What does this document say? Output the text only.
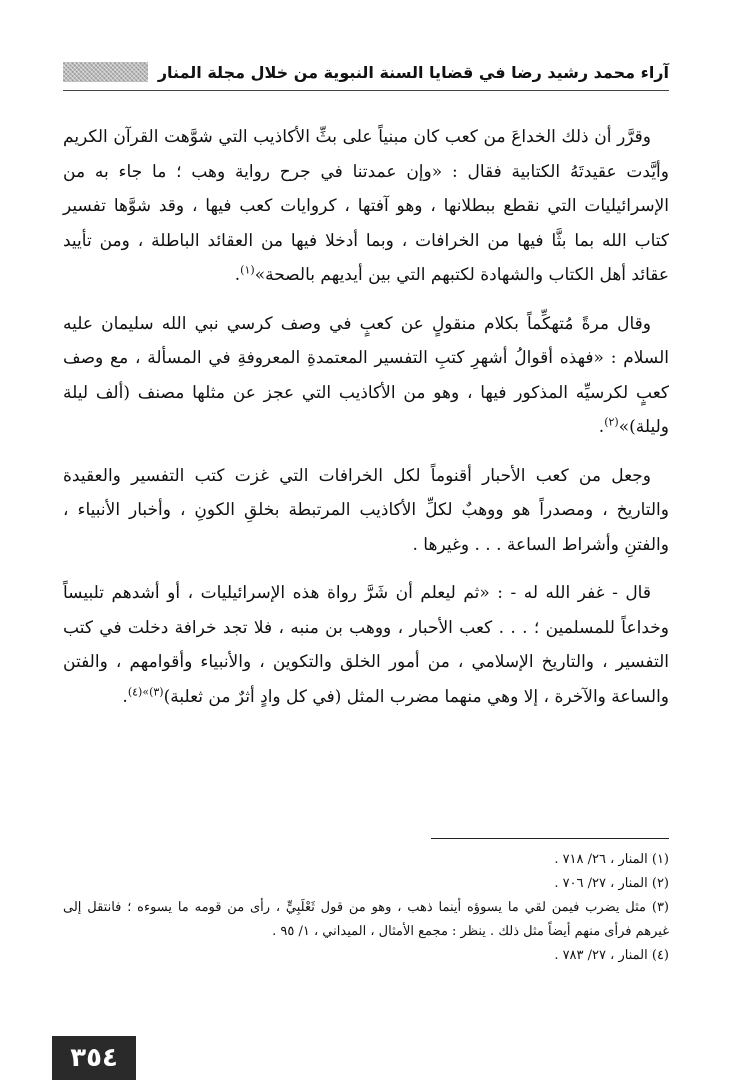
آراء محمد رشيد رضا في قضايا السنة النبوية من خلال مجلة المنار

وقرَّر أن ذلك الخداعَ من كعب كان مبنياً على بثِّ الأكاذيب التي شوَّهت القرآن الكريم وأيَّدت عقيدتَهُ الكتابية فقال : «وإن عمدتنا في جرح رواية وهب ؛ ما جاء به من الإسرائيليات التي نقطع ببطلانها ، وهو آفتها ، كروايات كعب فيها ، وقد شوَّها تفسير كتاب الله بما بثَّا فيها من الخرافات ، وبما أدخلا فيها من العقائد الباطلة ، ومن تأييد عقائد أهل الكتاب والشهادة لكتبهم التي بين أيديهم بالصحة»$^{(١)}$.

وقال مرةً مُتهكِّماً بكلام منقولٍ عن كعبٍ في وصف كرسي نبي الله سليمان عليه السلام : «فهذه أقوالُ أشهرِ كتبِ التفسير المعتمدةِ المعروفةِ في المسألة ، مع وصف كعبٍ لكرسيِّه المذكور فيها ، وهو من الأكاذيب التي عجز عن مثلها مصنف (ألف ليلة وليلة)»$^{(٢)}$.

وجعل من كعب الأحبار أقنوماً لكل الخرافات التي غزت كتب التفسير والعقيدة والتاريخ ، ومصدراً هو ووهبٌ لكلِّ الأكاذيب المرتبطة بخلقِ الكونِ ، وأخبار الأنبياء ، والفتنِ وأشراط الساعة . . . وغيرها .

قال - غفر الله له - : «ثم ليعلم أن شَرَّ رواة هذه الإسرائيليات ، أو أشدهم تلبيساً وخداعاً للمسلمين ؛ . . . كعب الأحبار ، ووهب بن منبه ، فلا تجد خرافة دخلت في كتب التفسير ، والتاريخ الإسلامي ، من أمور الخلق والتكوين ، والأنبياء وأقوامهم ، والفتن والساعة والآخرة ، إلا وهي منهما مضرب المثل (في كل وادٍ أثرٌ من ثعلبة)$^{(٣)»(٤)}$.

(١) المنار ، ٢٦/ ٧١٨ .

(٢) المنار ، ٢٧/ ٧٠٦ .

(٣) مثل يضرب فيمن لقي ما يسوؤه أينما ذهب ، وهو من قول ثَعْلَبِيٍّ ، رأى من قومه ما يسوءه ؛ فانتقل إلى غيرهم فرأى منهم أيضاً مثل ذلك . ينظر : مجمع الأمثال ، الميداني ، ١/ ٩٥ .

(٤) المنار ، ٢٧/ ٧٨٣ .

٣٥٤
